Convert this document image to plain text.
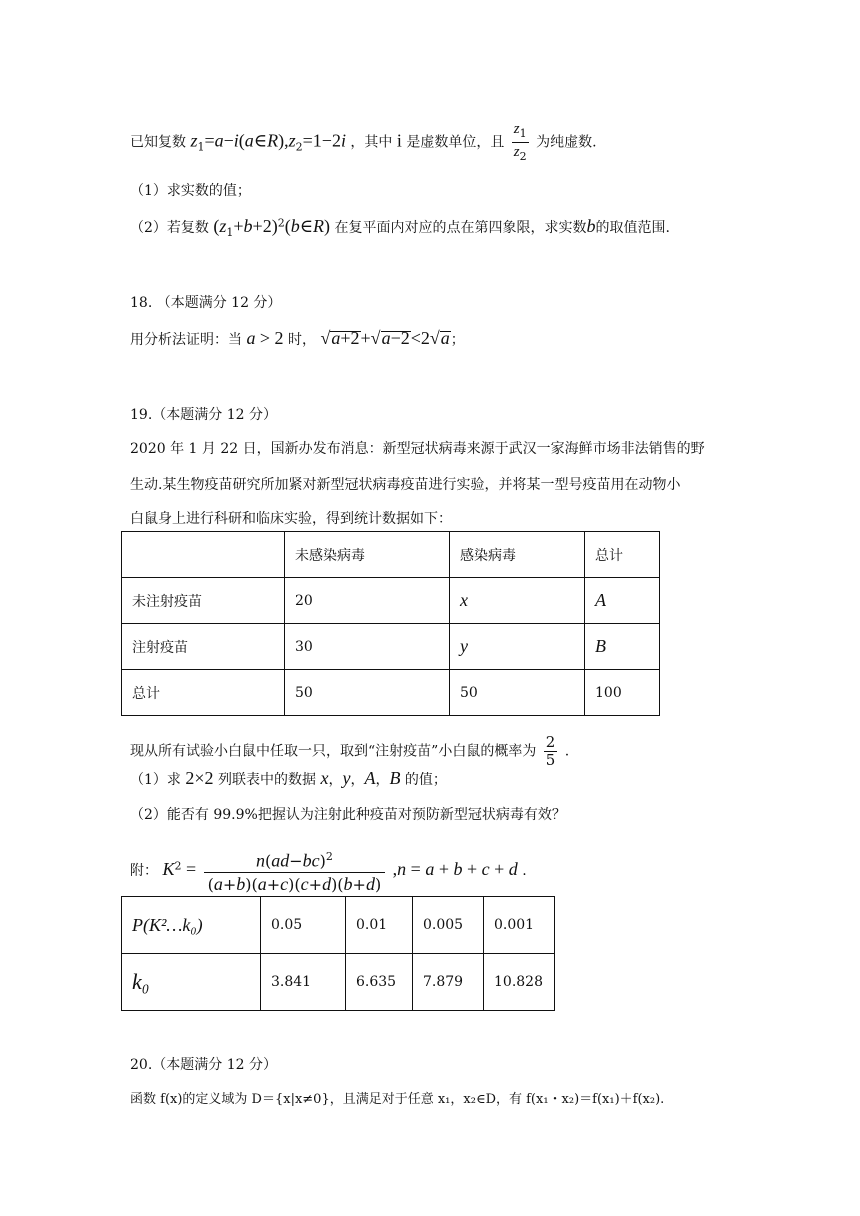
已知复数 $z_1=a-i(a\in R),z_2=1-2i$ ，其中 i 是虚数单位，且 $\frac{z_1}{z_2}$ 为纯虚数.
（1）求实数的值；
（2）若复数 $(z_1+b+2)^2(b\in R)$ 在复平面内对应的点在第四象限，求实数b的取值范围.
18. （本题满分 12 分）
用分析法证明：当 a > 2 时， √a+2+√a−2<2√a；
19.（本题满分 12 分）
2020 年 1 月 22 日，国新办发布消息：新型冠状病毒来源于武汉一家海鲜市场非法销售的野
生动.某生物疫苗研究所加紧对新型冠状病毒疫苗进行实验，并将某一型号疫苗用在动物小
白鼠身上进行科研和临床实验，得到统计数据如下：
	未感染病毒	感染病毒	总计
未注射疫苗	20	x	A
注射疫苗	30	y	B
总计	50	50	100
现从所有试验小白鼠中任取一只，取到“注射疫苗”小白鼠的概率为 $\frac{2}{5}$ .
（1）求 2×2 列联表中的数据 x，y，A，B 的值；
（2）能否有 99.9%把握认为注射此种疫苗对预防新型冠状病毒有效？
附： $K^2 = \frac{n(ad-bc)^2}{(a+b)(a+c)(c+d)(b+d)} ,n = a + b + c + d$ .
P(K²…k₀)	0.05	0.01	0.005	0.001
k₀	3.841	6.635	7.879	10.828
20.（本题满分 12 分）
函数 f(x)的定义域为 D＝{x|x≠0}，且满足对于任意 x₁，x₂∈D，有 f(x₁・x₂)＝f(x₁)＋f(x₂).
